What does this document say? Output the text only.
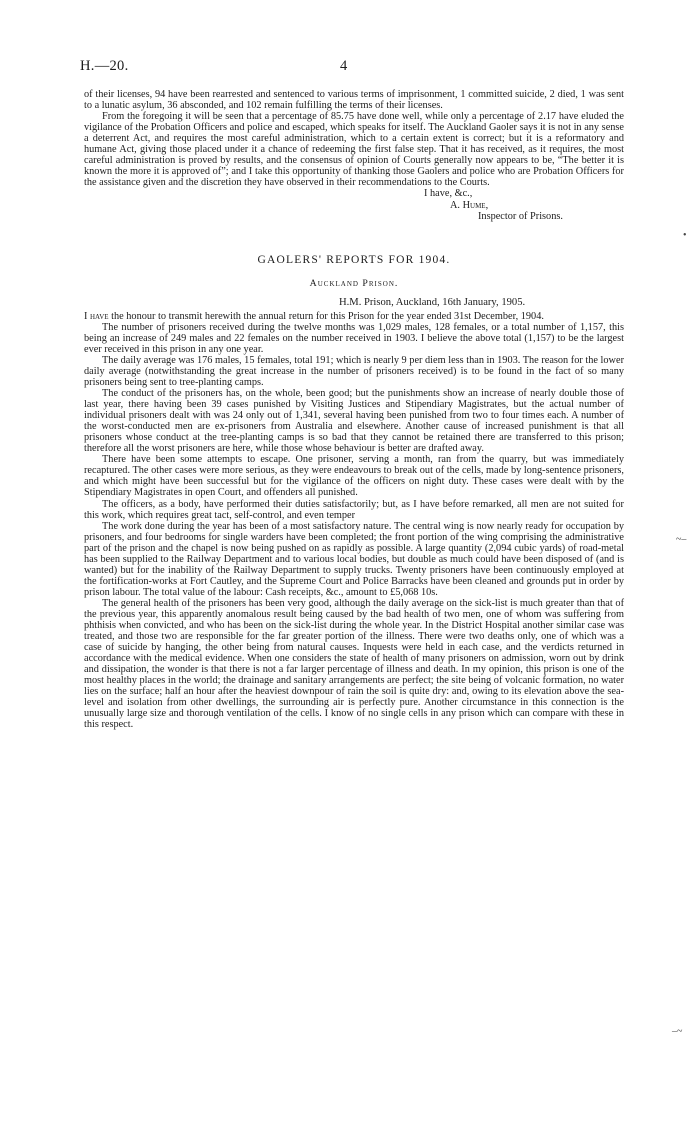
H.—20.	4

of their licenses, 94 have been rearrested and sentenced to various terms of imprisonment, 1 committed suicide, 2 died, 1 was sent to a lunatic asylum, 36 absconded, and 102 remain fulfilling the terms of their licenses.

From the foregoing it will be seen that a percentage of 85.75 have done well, while only a percentage of 2.17 have eluded the vigilance of the Probation Officers and police and escaped, which speaks for itself. The Auckland Gaoler says it is not in any sense a deterrent Act, and requires the most careful administration, which to a certain extent is correct; but it is a reformatory and humane Act, giving those placed under it a chance of redeeming the first false step. That it has received, as it requires, the most careful administration is proved by results, and the consensus of opinion of Courts generally now appears to be, “The better it is known the more it is approved of”; and I take this opportunity of thanking those Gaolers and police who are Probation Officers for the assistance given and the discretion they have observed in their recommendations to the Courts.

I have, &c.,
A. Hume,
Inspector of Prisons.
GAOLERS' REPORTS FOR 1904.
Auckland Prison.
H.M. Prison, Auckland, 16th January, 1905.

I have the honour to transmit herewith the annual return for this Prison for the year ended 31st December, 1904.

The number of prisoners received during the twelve months was 1,029 males, 128 females, or a total number of 1,157, this being an increase of 249 males and 22 females on the number received in 1903. I believe the above total (1,157) to be the largest ever received in this prison in any one year.

The daily average was 176 males, 15 females, total 191; which is nearly 9 per diem less than in 1903. The reason for the lower daily average (notwithstanding the great increase in the number of prisoners received) is to be found in the fact of so many prisoners being sent to tree-planting camps.

The conduct of the prisoners has, on the whole, been good; but the punishments show an increase of nearly double those of last year, there having been 39 cases punished by Visiting Justices and Stipendiary Magistrates, but the actual number of individual prisoners dealt with was 24 only out of 1,341, several having been punished from two to four times each. A number of the worst-conducted men are ex-prisoners from Australia and elsewhere. Another cause of increased punishment is that all prisoners whose conduct at the tree-planting camps is so bad that they cannot be retained there are transferred to this prison; therefore all the worst prisoners are here, while those whose behaviour is better are drafted away.

There have been some attempts to escape. One prisoner, serving a month, ran from the quarry, but was immediately recaptured. The other cases were more serious, as they were endeavours to break out of the cells, made by long-sentence prisoners, and which might have been successful but for the vigilance of the officers on night duty. These cases were dealt with by the Stipendiary Magistrates in open Court, and offenders all punished.

The officers, as a body, have performed their duties satisfactorily; but, as I have before remarked, all men are not suited for this work, which requires great tact, self-control, and even temper

The work done during the year has been of a most satisfactory nature. The central wing is now nearly ready for occupation by prisoners, and four bedrooms for single warders have been completed; the front portion of the wing comprising the administrative part of the prison and the chapel is now being pushed on as rapidly as possible. A large quantity (2,094 cubic yards) of road-metal has been supplied to the Railway Department and to various local bodies, but double as much could have been disposed of (and is wanted) but for the inability of the Railway Department to supply trucks. Twenty prisoners have been continuously employed at the fortification-works at Fort Cautley, and the Supreme Court and Police Barracks have been cleaned and grounds put in order by prison labour. The total value of the labour: Cash receipts, &c., amount to £5,068 10s.

The general health of the prisoners has been very good, although the daily average on the sick-list is much greater than that of the previous year, this apparently anomalous result being caused by the bad health of two men, one of whom was suffering from phthisis when convicted, and who has been on the sick-list during the whole year. In the District Hospital another similar case was treated, and those two are responsible for the far greater portion of the illness. There were two deaths only, one of which was a case of suicide by hanging, the other being from natural causes. Inquests were held in each case, and the verdicts returned in accordance with the medical evidence. When one considers the state of health of many prisoners on admission, worn out by drink and dissipation, the wonder is that there is not a far larger percentage of illness and death. In my opinion, this prison is one of the most healthy places in the world; the drainage and sanitary arrangements are perfect; the site being of volcanic formation, no water lies on the surface; half an hour after the heaviest downpour of rain the soil is quite dry: and, owing to its elevation above the sea-level and isolation from other dwellings, the surrounding air is perfectly pure. Another circumstance in this connection is the unusually large size and thorough ventilation of the cells. I know of no single cells in any prison which can compare with these in this respect.

•
~–
–~
